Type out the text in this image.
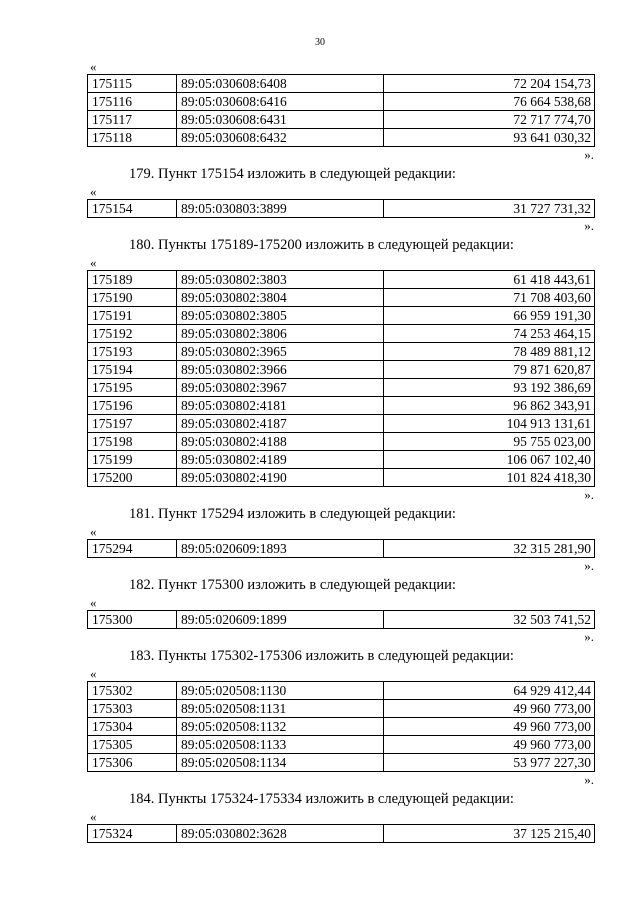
30
«
175115	89:05:030608:6408	72 204 154,73
175116	89:05:030608:6416	76 664 538,68
175117	89:05:030608:6431	72 717 774,70
175118	89:05:030608:6432	93 641 030,32
».
179. Пункт 175154 изложить в следующей редакции:
«
175154	89:05:030803:3899	31 727 731,32
».
180. Пункты 175189-175200 изложить в следующей редакции:
«
175189	89:05:030802:3803	61 418 443,61
175190	89:05:030802:3804	71 708 403,60
175191	89:05:030802:3805	66 959 191,30
175192	89:05:030802:3806	74 253 464,15
175193	89:05:030802:3965	78 489 881,12
175194	89:05:030802:3966	79 871 620,87
175195	89:05:030802:3967	93 192 386,69
175196	89:05:030802:4181	96 862 343,91
175197	89:05:030802:4187	104 913 131,61
175198	89:05:030802:4188	95 755 023,00
175199	89:05:030802:4189	106 067 102,40
175200	89:05:030802:4190	101 824 418,30
».
181. Пункт 175294 изложить в следующей редакции:
«
175294	89:05:020609:1893	32 315 281,90
».
182. Пункт 175300 изложить в следующей редакции:
«
175300	89:05:020609:1899	32 503 741,52
».
183. Пункты 175302-175306 изложить в следующей редакции:
«
175302	89:05:020508:1130	64 929 412,44
175303	89:05:020508:1131	49 960 773,00
175304	89:05:020508:1132	49 960 773,00
175305	89:05:020508:1133	49 960 773,00
175306	89:05:020508:1134	53 977 227,30
».
184. Пункты 175324-175334 изложить в следующей редакции:
«
175324	89:05:030802:3628	37 125 215,40
